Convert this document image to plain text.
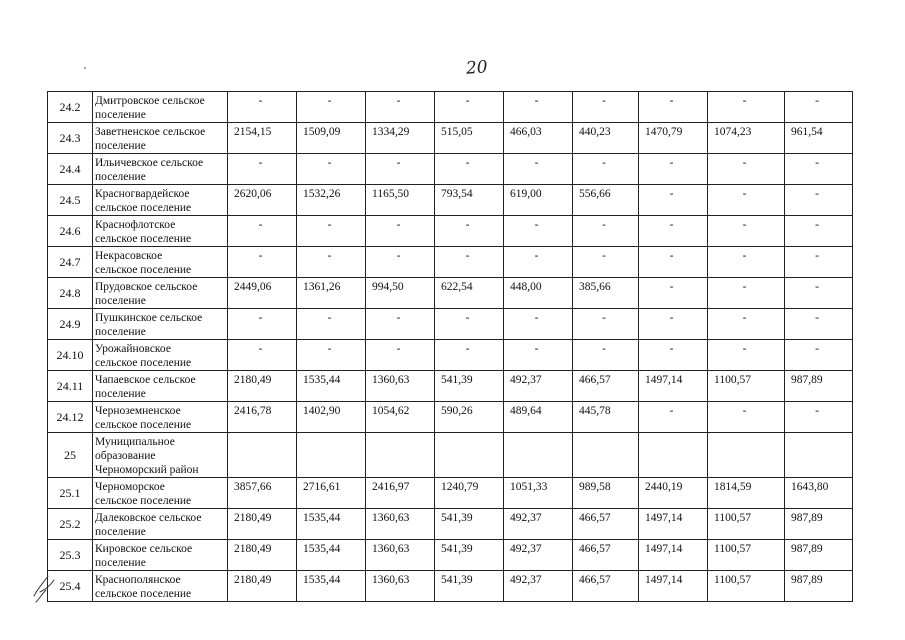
20
24.2	Дмитровское сельское
поселение	-	-	-	-	-	-	-	-	-
24.3	Заветненское сельское
поселение	2154,15	1509,09	1334,29	515,05	466,03	440,23	1470,79	1074,23	961,54
24.4	Ильичевское сельское
поселение	-	-	-	-	-	-	-	-	-
24.5	Красногвардейское
сельское поселение	2620,06	1532,26	1165,50	793,54	619,00	556,66	-	-	-
24.6	Краснофлотское
сельское поселение	-	-	-	-	-	-	-	-	-
24.7	Некрасовское
сельское поселение	-	-	-	-	-	-	-	-	-
24.8	Прудовское сельское
поселение	2449,06	1361,26	994,50	622,54	448,00	385,66	-	-	-
24.9	Пушкинское сельское
поселение	-	-	-	-	-	-	-	-	-
24.10	Урожайновское
сельское поселение	-	-	-	-	-	-	-	-	-
24.11	Чапаевское сельское
поселение	2180,49	1535,44	1360,63	541,39	492,37	466,57	1497,14	1100,57	987,89
24.12	Черноземненское
сельское поселение	2416,78	1402,90	1054,62	590,26	489,64	445,78	-	-	-
25	Муниципальное
образование
Черноморский район									
25.1	Черноморское
сельское поселение	3857,66	2716,61	2416,97	1240,79	1051,33	989,58	2440,19	1814,59	1643,80
25.2	Далековское сельское
поселение	2180,49	1535,44	1360,63	541,39	492,37	466,57	1497,14	1100,57	987,89
25.3	Кировское сельское
поселение	2180,49	1535,44	1360,63	541,39	492,37	466,57	1497,14	1100,57	987,89
25.4	Краснополянское
сельское поселение	2180,49	1535,44	1360,63	541,39	492,37	466,57	1497,14	1100,57	987,89
